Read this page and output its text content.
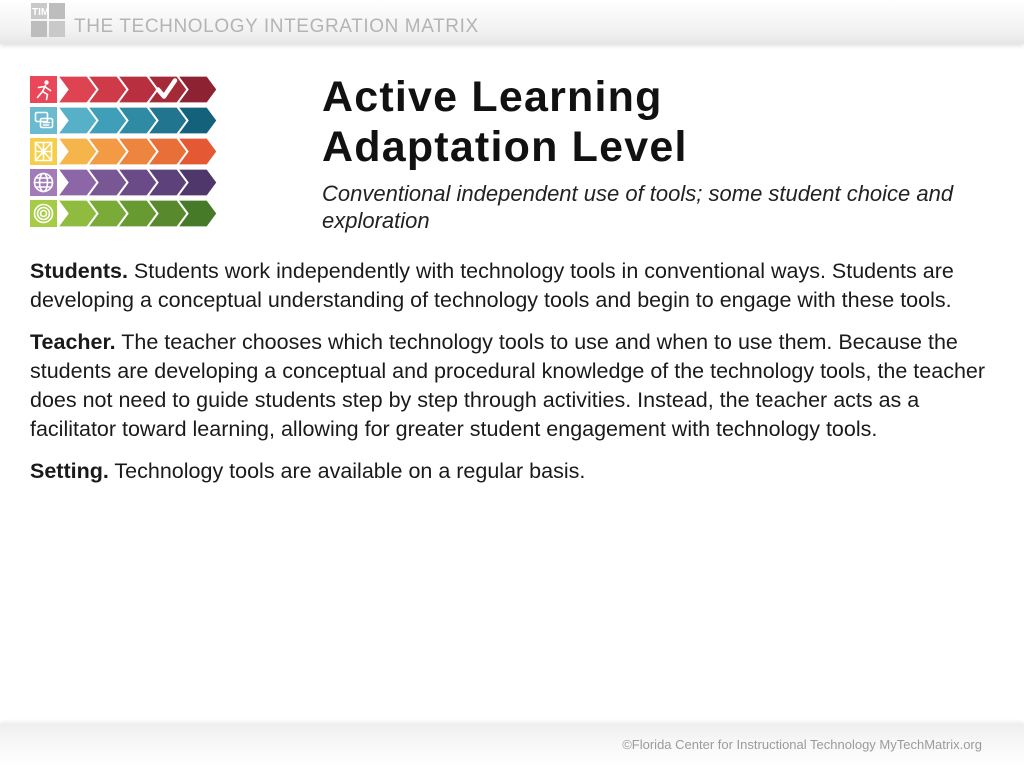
TIM
THE TECHNOLOGY INTEGRATION MATRIX
Active Learning
Adaptation Level
Conventional independent use of tools; some student choice and exploration

Students. Students work independently with technology tools in conventional ways. Students are developing a conceptual understanding of technology tools and begin to engage with these tools.

Teacher. The teacher chooses which technology tools to use and when to use them. Because the students are developing a conceptual and procedural knowledge of the technology tools, the teacher does not need to guide students step by step through activities. Instead, the teacher acts as a facilitator toward learning, allowing for greater student engagement with technology tools.

Setting. Technology tools are available on a regular basis.

©Florida Center for Instructional Technology MyTechMatrix.org
